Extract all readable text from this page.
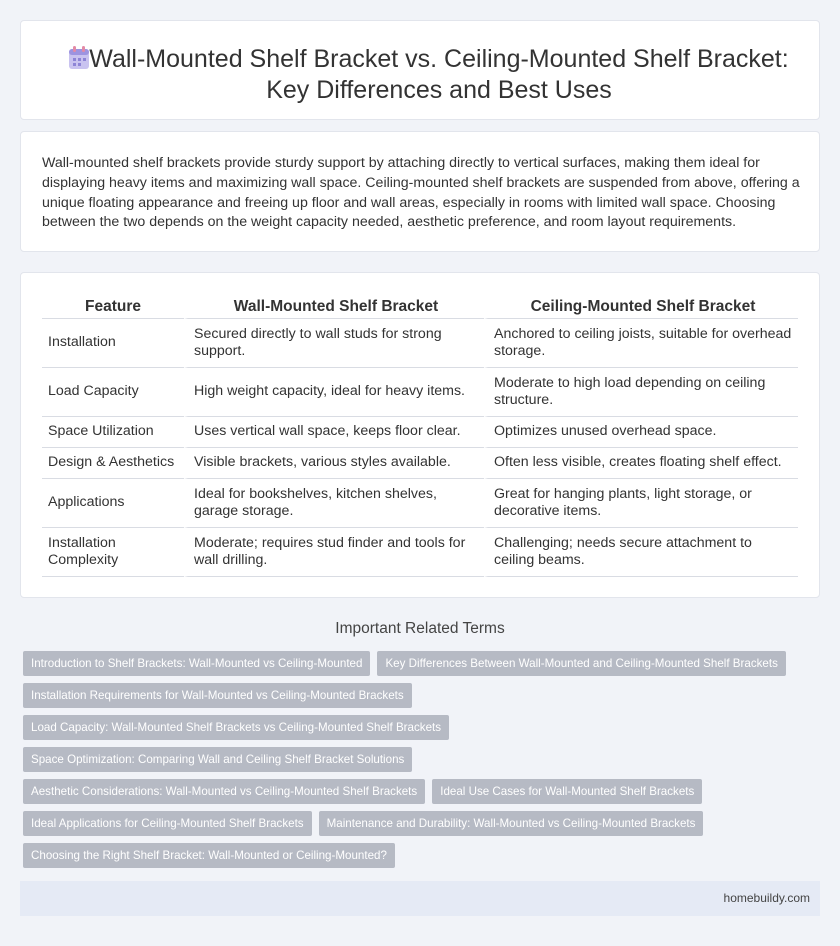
Wall-Mounted Shelf Bracket vs. Ceiling-Mounted Shelf Bracket: Key Differences and Best Uses

Wall-mounted shelf brackets provide sturdy support by attaching directly to vertical surfaces, making them ideal for displaying heavy items and maximizing wall space. Ceiling-mounted shelf brackets are suspended from above, offering a unique floating appearance and freeing up floor and wall areas, especially in rooms with limited wall space. Choosing between the two depends on the weight capacity needed, aesthetic preference, and room layout requirements.

Feature	Wall-Mounted Shelf Bracket	Ceiling-Mounted Shelf Bracket
Installation	Secured directly to wall studs for strong support.	Anchored to ceiling joists, suitable for overhead storage.
Load Capacity	High weight capacity, ideal for heavy items.	Moderate to high load depending on ceiling structure.
Space Utilization	Uses vertical wall space, keeps floor clear.	Optimizes unused overhead space.
Design & Aesthetics	Visible brackets, various styles available.	Often less visible, creates floating shelf effect.
Applications	Ideal for bookshelves, kitchen shelves, garage storage.	Great for hanging plants, light storage, or decorative items.
Installation Complexity	Moderate; requires stud finder and tools for wall drilling.	Challenging; needs secure attachment to ceiling beams.
Important Related Terms
Introduction to Shelf Brackets: Wall-Mounted vs Ceiling-Mounted	Key Differences Between Wall-Mounted and Ceiling-Mounted Shelf Brackets
Installation Requirements for Wall-Mounted vs Ceiling-Mounted Brackets
Load Capacity: Wall-Mounted Shelf Brackets vs Ceiling-Mounted Shelf Brackets
Space Optimization: Comparing Wall and Ceiling Shelf Bracket Solutions
Aesthetic Considerations: Wall-Mounted vs Ceiling-Mounted Shelf Brackets	Ideal Use Cases for Wall-Mounted Shelf Brackets
Ideal Applications for Ceiling-Mounted Shelf Brackets	Maintenance and Durability: Wall-Mounted vs Ceiling-Mounted Brackets
Choosing the Right Shelf Bracket: Wall-Mounted or Ceiling-Mounted?
homebuildy.com
